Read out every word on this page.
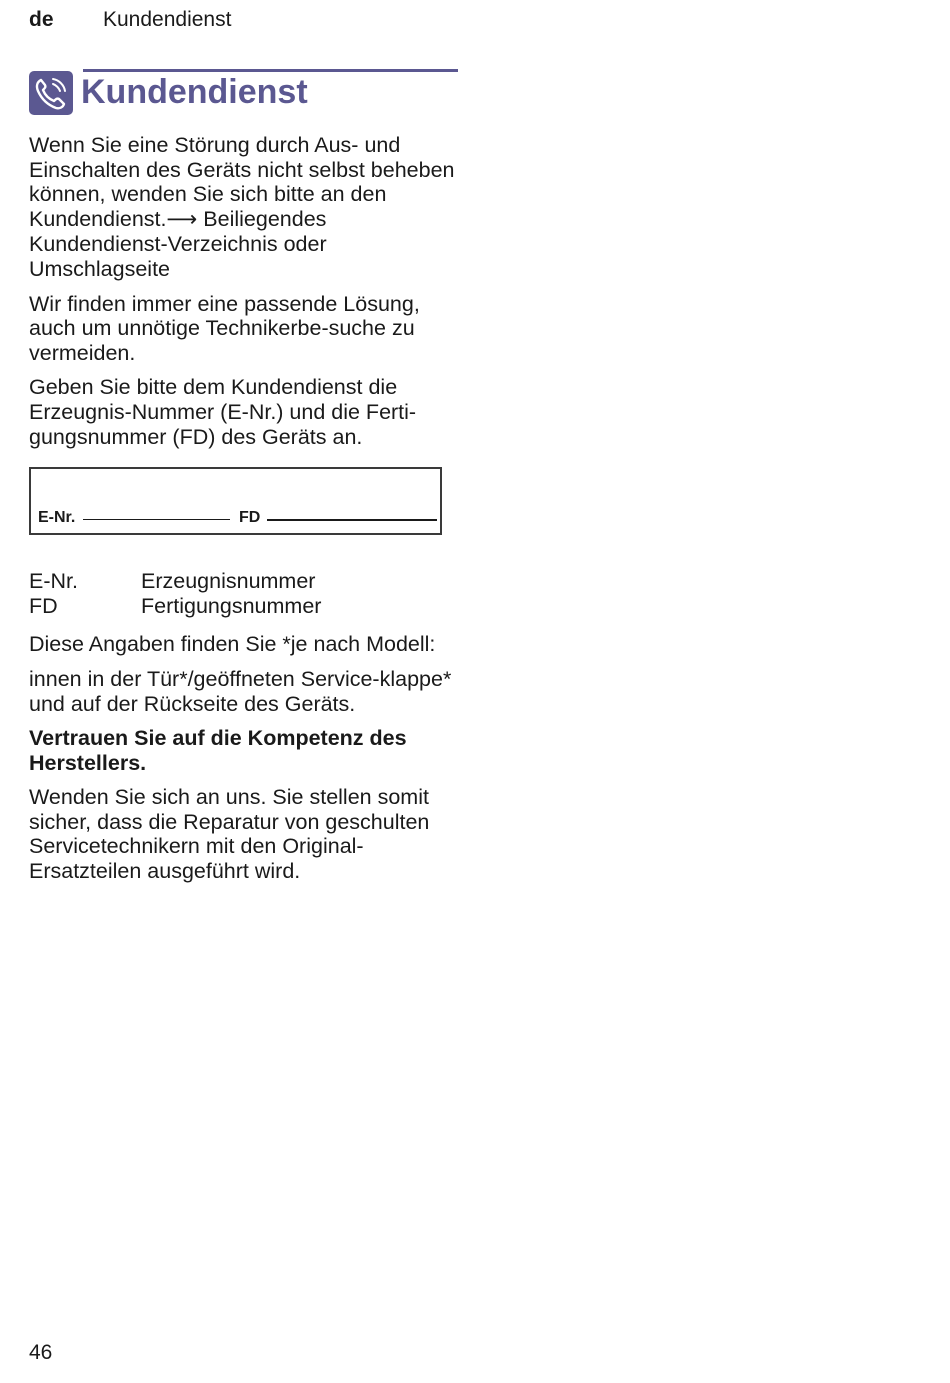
de Kundendienst
Kundendienst

Wenn Sie eine Störung durch Aus- und Einschalten des Geräts nicht selbst beheben können, wenden Sie sich bitte an den Kundendienst.⟶ Beiliegendes Kundendienst-Verzeichnis oder Umschlagseite

Wir finden immer eine passende Lösung, auch um unnötige Technikerbe-suche zu vermeiden.

Geben Sie bitte dem Kundendienst die Erzeugnis-Nummer (E-Nr.) und die Ferti-gungsnummer (FD) des Geräts an.

E-Nr.	FD
E-Nr.	Erzeugnisnummer
FD	Fertigungsnummer

Diese Angaben finden Sie *je nach Modell:

innen in der Tür*/geöffneten Service-klappe* und auf der Rückseite des Geräts.

Vertrauen Sie auf die Kompetenz des Herstellers.

Wenden Sie sich an uns. Sie stellen somit sicher, dass die Reparatur von geschulten Servicetechnikern mit den Original-Ersatzteilen ausgeführt wird.

46
